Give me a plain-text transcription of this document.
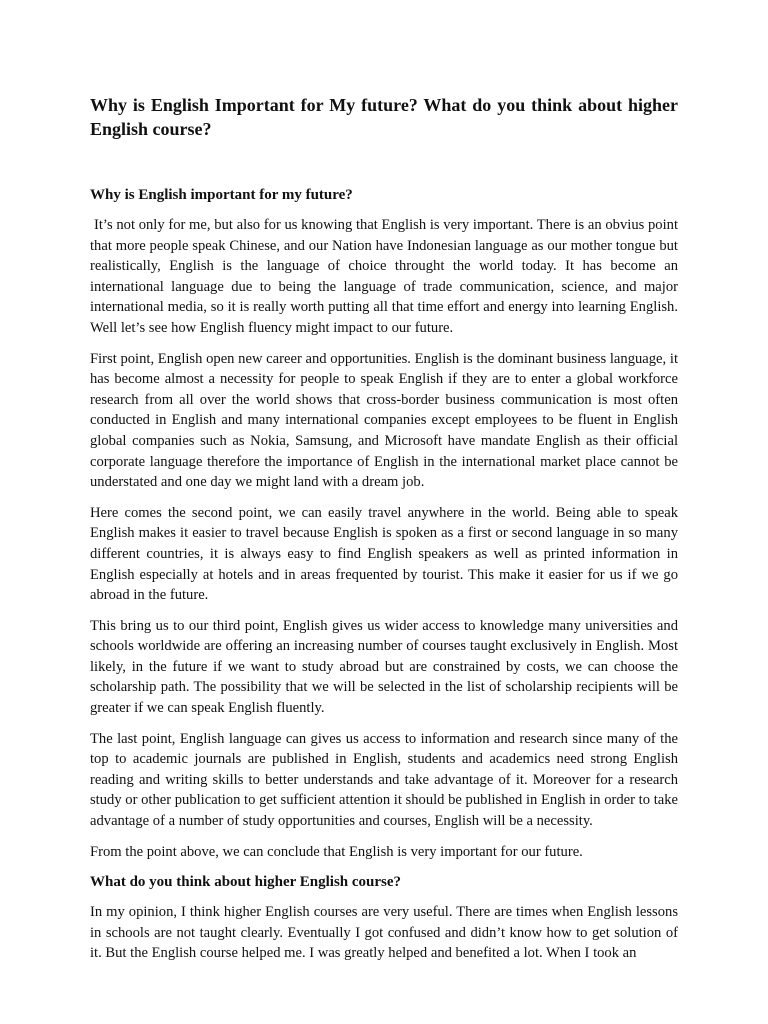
Why is English Important for My future? What do you think about higher English course?
Why is English important for my future?

It’s not only for me, but also for us knowing that English is very important. There is an obvius point that more people speak Chinese, and our Nation have Indonesian language as our mother tongue but realistically, English is the language of choice throught the world today. It has become an international language due to being the language of trade communication, science, and major international media, so it is really worth putting all that time effort and energy into learning English. Well let’s see how English fluency might impact to our future.

First point, English open new career and opportunities. English is the dominant business language, it has become almost a necessity for people to speak English if they are to enter a global workforce research from all over the world shows that cross-border business communication is most often conducted in English and many international companies except employees to be fluent in English global companies such as Nokia, Samsung, and Microsoft have mandate English as their official corporate language therefore the importance of English in the international market place cannot be understated and one day we might land with a dream job.

Here comes the second point, we can easily travel anywhere in the world. Being able to speak English makes it easier to travel because English is spoken as a first or second language in so many different countries, it is always easy to find English speakers as well as printed information in English especially at hotels and in areas frequented by tourist. This make it easier for us if we go abroad in the future.

This bring us to our third point, English gives us wider access to knowledge many universities and schools worldwide are offering an increasing number of courses taught exclusively in English. Most likely, in the future if we want to study abroad but are constrained by costs, we can choose the scholarship path. The possibility that we will be selected in the list of scholarship recipients will be greater if we can speak English fluently.

The last point, English language can gives us access to information and research since many of the top to academic journals are published in English, students and academics need strong English reading and writing skills to better understands and take advantage of it. Moreover for a research study or other publication to get sufficient attention it should be published in English in order to take advantage of a number of study opportunities and courses, English will be a necessity.

From the point above, we can conclude that English is very important for our future.

What do you think about higher English course?

In my opinion, I think higher English courses are very useful. There are times when English lessons in schools are not taught clearly. Eventually I got confused and didn’t know how to get solution of it. But the English course helped me. I was greatly helped and benefited a lot. When I took an
